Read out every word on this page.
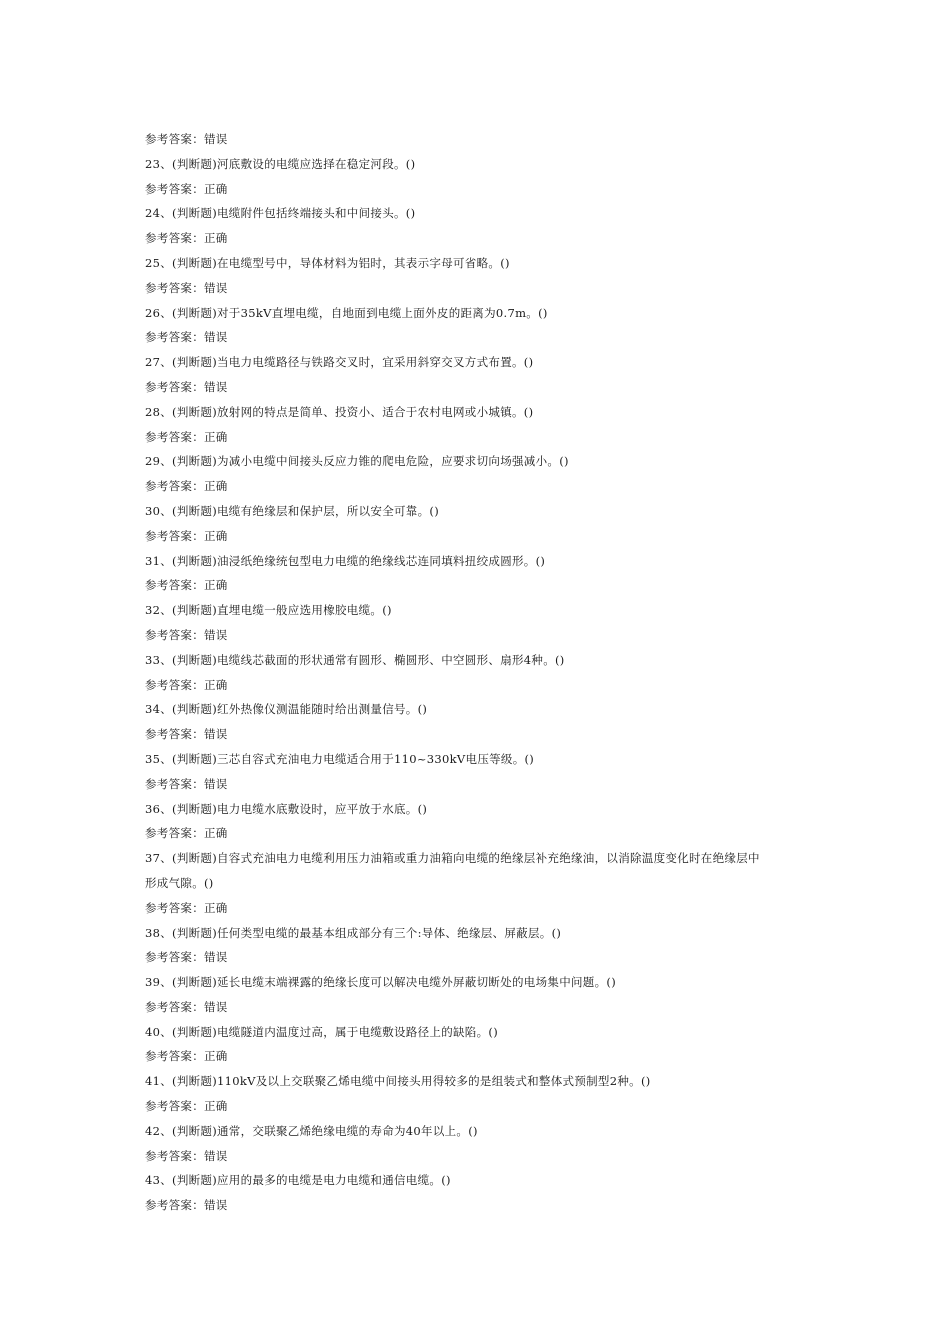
参考答案：错误
23、(判断题)河底敷设的电缆应选择在稳定河段。()
参考答案：正确
24、(判断题)电缆附件包括终端接头和中间接头。()
参考答案：正确
25、(判断题)在电缆型号中，导体材料为铝时，其表示字母可省略。()
参考答案：错误
26、(判断题)对于35kV直埋电缆，自地面到电缆上面外皮的距离为0.7m。()
参考答案：错误
27、(判断题)当电力电缆路径与铁路交叉时，宜采用斜穿交叉方式布置。()
参考答案：错误
28、(判断题)放射网的特点是简单、投资小、适合于农村电网或小城镇。()
参考答案：正确
29、(判断题)为减小电缆中间接头反应力锥的爬电危险，应要求切向场强减小。()
参考答案：正确
30、(判断题)电缆有绝缘层和保护层，所以安全可靠。()
参考答案：正确
31、(判断题)油浸纸绝缘统包型电力电缆的绝缘线芯连同填料扭绞成圆形。()
参考答案：正确
32、(判断题)直埋电缆一般应选用橡胶电缆。()
参考答案：错误
33、(判断题)电缆线芯截面的形状通常有圆形、椭圆形、中空圆形、扇形4种。()
参考答案：正确
34、(判断题)红外热像仪测温能随时给出测量信号。()
参考答案：错误
35、(判断题)三芯自容式充油电力电缆适合用于110~330kV电压等级。()
参考答案：错误
36、(判断题)电力电缆水底敷设时，应平放于水底。()
参考答案：正确
37、(判断题)自容式充油电力电缆利用压力油箱或重力油箱向电缆的绝缘层补充绝缘油，以消除温度变化时在绝缘层中
形成气隙。()
参考答案：正确
38、(判断题)任何类型电缆的最基本组成部分有三个:导体、绝缘层、屏蔽层。()
参考答案：错误
39、(判断题)延长电缆末端裸露的绝缘长度可以解决电缆外屏蔽切断处的电场集中问题。()
参考答案：错误
40、(判断题)电缆隧道内温度过高，属于电缆敷设路径上的缺陷。()
参考答案：正确
41、(判断题)110kV及以上交联聚乙烯电缆中间接头用得较多的是组装式和整体式预制型2种。()
参考答案：正确
42、(判断题)通常，交联聚乙烯绝缘电缆的寿命为40年以上。()
参考答案：错误
43、(判断题)应用的最多的电缆是电力电缆和通信电缆。()
参考答案：错误
